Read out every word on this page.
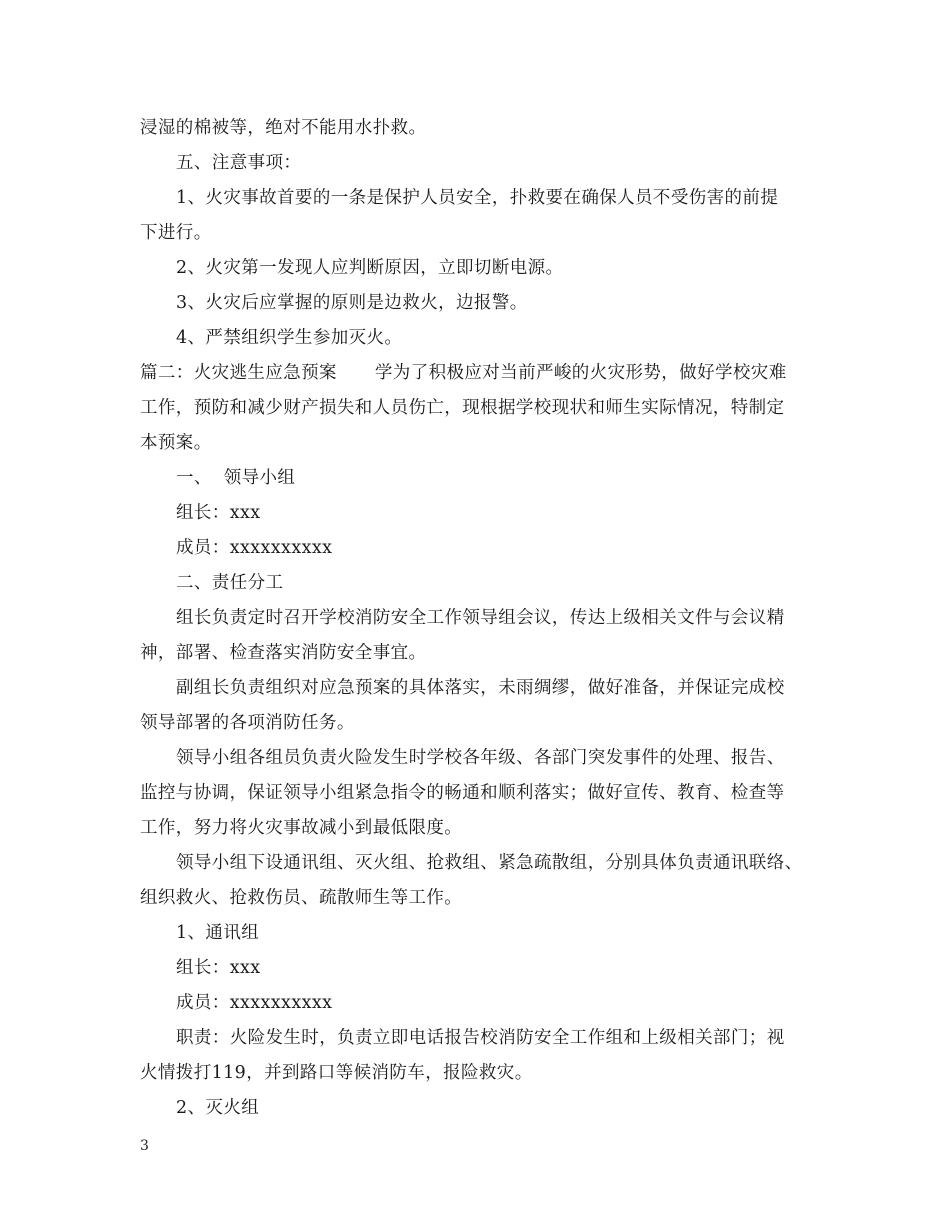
浸湿的棉被等，绝对不能用水扑救。
五、注意事项：
1、火灾事故首要的一条是保护人员安全，扑救要在确保人员不受伤害的前提
下进行。
2、火灾第一发现人应判断原因，立即切断电源。
3、火灾后应掌握的原则是边救火，边报警。
4、严禁组织学生参加灭火。
篇二：火灾逃生应急预案 学为了积极应对当前严峻的火灾形势，做好学校灾难
工作，预防和减少财产损失和人员伤亡，现根据学校现状和师生实际情况，特制定
本预案。
一、  领导小组
组长：xxx
成员：xxxxxxxxxx
二、责任分工
组长负责定时召开学校消防安全工作领导组会议，传达上级相关文件与会议精
神，部署、检查落实消防安全事宜。
副组长负责组织对应急预案的具体落实，未雨绸缪，做好准备，并保证完成校
领导部署的各项消防任务。
领导小组各组员负责火险发生时学校各年级、各部门突发事件的处理、报告、
监控与协调，保证领导小组紧急指令的畅通和顺利落实；做好宣传、教育、检查等
工作，努力将火灾事故减小到最低限度。
领导小组下设通讯组、灭火组、抢救组、紧急疏散组，分别具体负责通讯联络、
组织救火、抢救伤员、疏散师生等工作。
1、通讯组
组长：xxx
成员：xxxxxxxxxx
职责：火险发生时，负责立即电话报告校消防安全工作组和上级相关部门；视
火情拨打119，并到路口等候消防车，报险救灾。
2、灭火组
3
